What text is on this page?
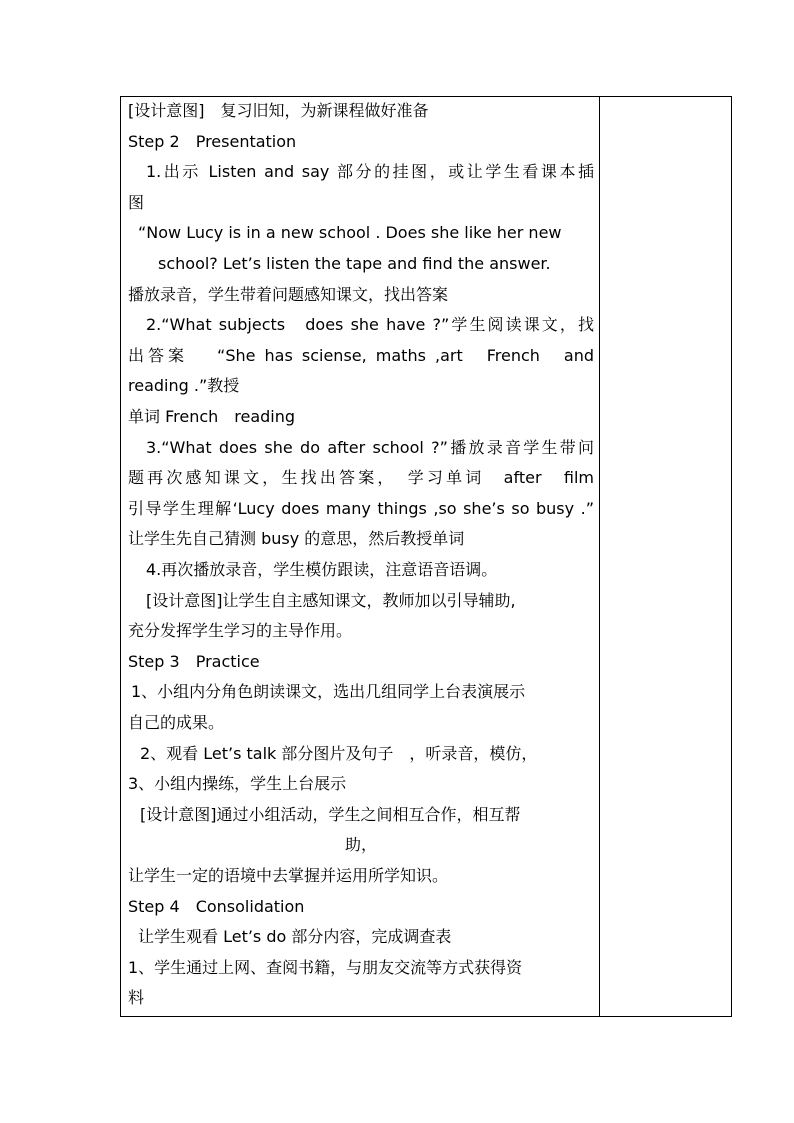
[设计意图]　复习旧知，为新课程做好准备
Step 2　Presentation
1.出示 Listen and say 部分的挂图，或让学生看课本插
图
“Now Lucy is in a new school . Does she like her new
school? Let’s listen the tape and find the answer.
播放录音，学生带着问题感知课文，找出答案
2.“What subjects　does she have ?”学生阅读课文，找
出答案　 “She has sciense, maths ,art　French　and
reading .”教授
单词 French　reading
3.“What does she do after school ?”播放录音学生带问
题再次感知课文，生找出答案，　学习单词　after　film
引导学生理解‘Lucy does many things ,so she’s so busy .”
让学生先自己猜测 busy 的意思，然后教授单词
4.再次播放录音，学生模仿跟读，注意语音语调。
[设计意图]让学生自主感知课文，教师加以引导辅助,
充分发挥学生学习的主导作用。
Step 3　Practice
1、小组内分角色朗读课文，选出几组同学上台表演展示
自己的成果。
2、观看 Let’s talk 部分图片及句子　，听录音，模仿，
3、小组内操练，学生上台展示
[设计意图]通过小组活动，学生之间相互合作，相互帮
助，
让学生一定的语境中去掌握并运用所学知识。
Step 4　Consolidation
让学生观看 Let’s do 部分内容，完成调查表
1、学生通过上网、查阅书籍，与朋友交流等方式获得资
料
